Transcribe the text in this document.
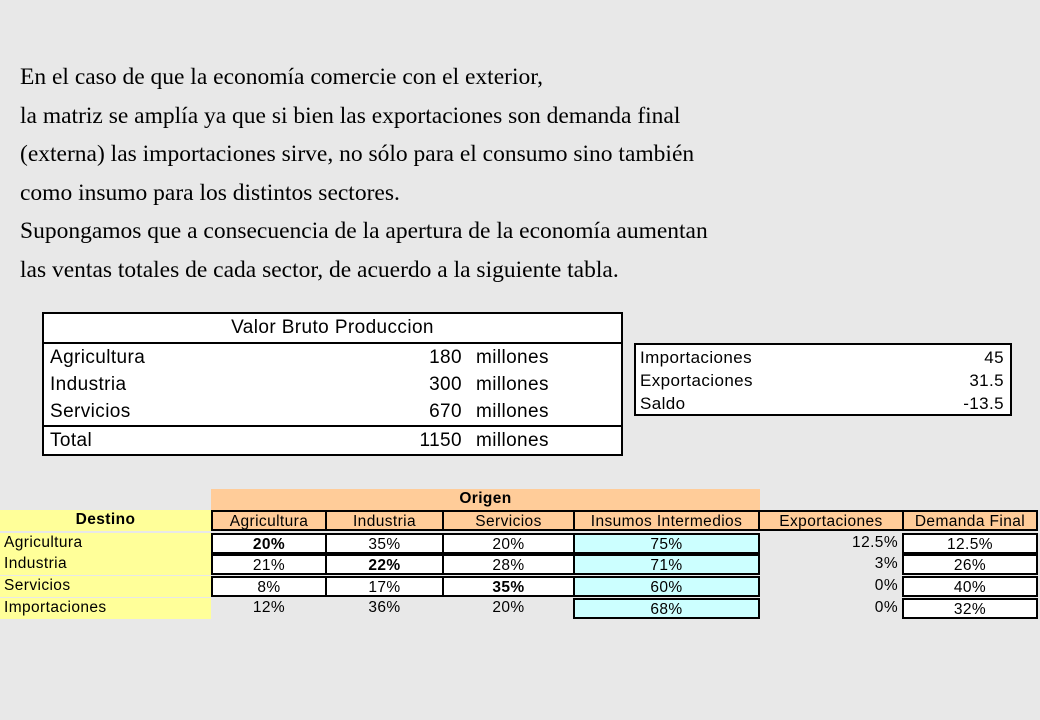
En el caso de que la economía comercie con el exterior,
la matriz se amplía ya que si bien las exportaciones son demanda final
(externa) las importaciones sirve, no sólo para el consumo sino también
como insumo para los distintos sectores.
Supongamos que a consecuencia de la apertura de la economía aumentan
las ventas totales de cada sector, de acuerdo a la siguiente tabla.
Valor Bruto Produccion
Agricultura	180 millones
Industria	300 millones
Servicios	670 millones
Total	1150 millones
Importaciones	45
Exportaciones	31.5
Saldo	-13.5
Origen
Destino	Agricultura	Industria	Servicios	Insumos Intermedios	Exportaciones	Demanda Final
Agricultura	20%	35%	20%	75%	12.5%	12.5%
Industria	21%	22%	28%	71%	3%	26%
Servicios	8%	17%	35%	60%	0%	40%
Importaciones	12%	36%	20%	68%	0%	32%
